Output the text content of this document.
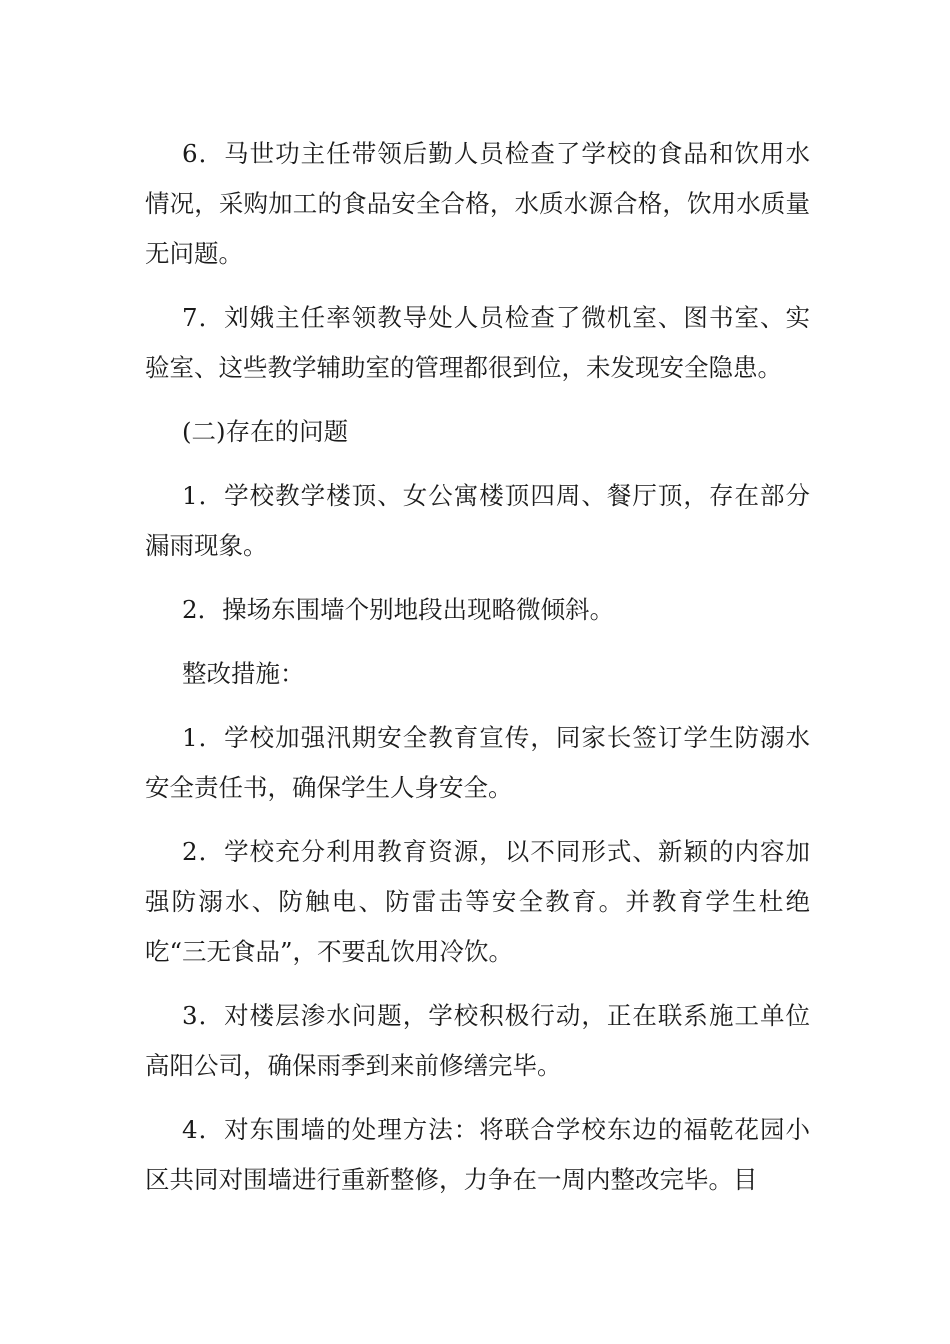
6．马世功主任带领后勤人员检查了学校的食品和饮用水情况，采购加工的食品安全合格，水质水源合格，饮用水质量无问题。

7．刘娥主任率领教导处人员检查了微机室、图书室、实验室、这些教学辅助室的管理都很到位，未发现安全隐患。

(二)存在的问题

1．学校教学楼顶、女公寓楼顶四周、餐厅顶，存在部分漏雨现象。

2．操场东围墙个别地段出现略微倾斜。

整改措施：

1．学校加强汛期安全教育宣传，同家长签订学生防溺水安全责任书，确保学生人身安全。

2．学校充分利用教育资源，以不同形式、新颖的内容加强防溺水、防触电、防雷击等安全教育。并教育学生杜绝吃“三无食品”，不要乱饮用冷饮。

3．对楼层渗水问题，学校积极行动，正在联系施工单位高阳公司，确保雨季到来前修缮完毕。

4．对东围墙的处理方法：将联合学校东边的福乾花园小区共同对围墙进行重新整修，力争在一周内整改完毕。目
